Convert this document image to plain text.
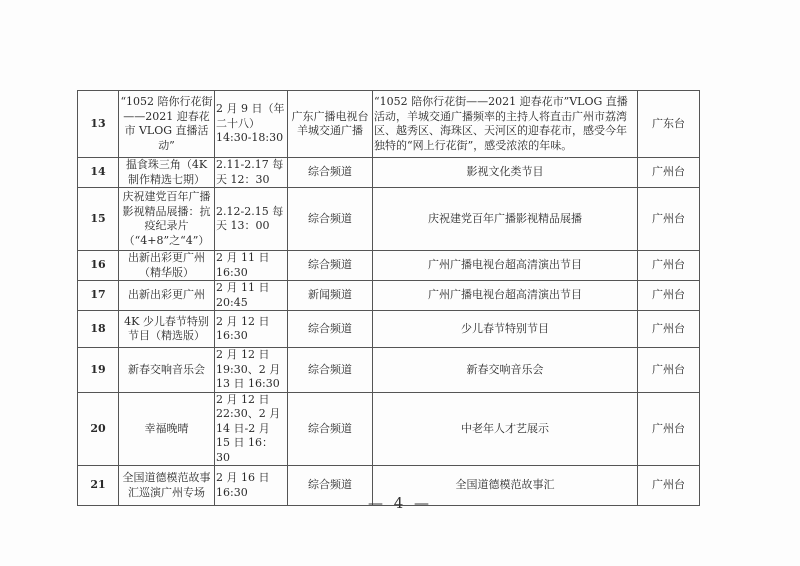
13	“1052 陪你行花街——2021 迎春花市 VLOG 直播活动”	2 月 9 日（年二十八）14:30-18:30	广东广播电视台羊城交通广播	“1052 陪你行花街——2021 迎春花市”VLOG 直播活动，羊城交通广播频率的主持人将直击广州市荔湾区、越秀区、海珠区、天河区的迎春花市，感受今年独特的“网上行花街”，感受浓浓的年味。	广东台
14	揾食珠三角（4K 制作精选七期）	2.11-2.17 每天 12：30	综合频道	影视文化类节目	广州台
15	庆祝建党百年广播影视精品展播：抗疫纪录片（“4+8”之“4”）	2.12-2.15 每天 13：00	综合频道	庆祝建党百年广播影视精品展播	广州台
16	出新出彩更广州（精华版）	2 月 11 日 16:30	综合频道	广州广播电视台超高清演出节目	广州台
17	出新出彩更广州	2 月 11 日 20:45	新闻频道	广州广播电视台超高清演出节目	广州台
18	4K 少儿春节特别节目（精选版）	2 月 12 日 16:30	综合频道	少儿春节特别节目	广州台
19	新春交响音乐会	2 月 12 日 19:30、2 月 13 日 16:30	综合频道	新春交响音乐会	广州台
20	幸福晚晴	2 月 12 日 22:30、2 月 14 日-2 月 15 日 16：30	综合频道	中老年人才艺展示	广州台
21	全国道德模范故事汇巡演广州专场	2 月 16 日 16:30	综合频道	全国道德模范故事汇	广州台
— 4 —
